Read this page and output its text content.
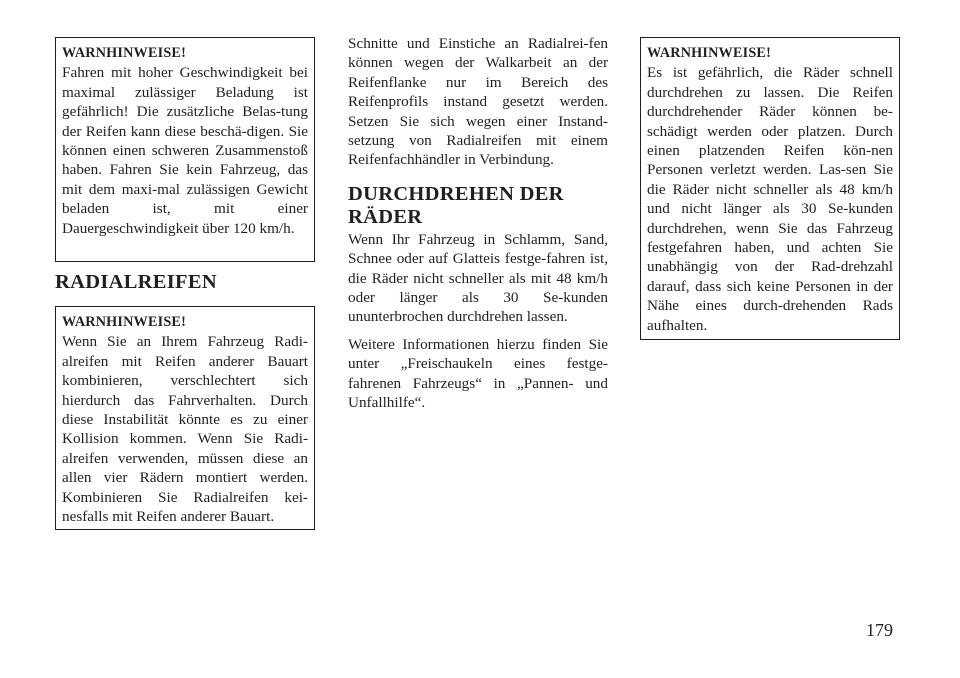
WARNHINWEISE!
Fahren mit hoher Geschwindigkeit bei maximal zulässiger Beladung ist gefährlich! Die zusätzliche Belas-tung der Reifen kann diese beschä-digen. Sie können einen schweren Zusammenstoß haben. Fahren Sie kein Fahrzeug, das mit dem maxi-mal zulässigen Gewicht beladen ist, mit einer Dauergeschwindigkeit über 120 km/h.
RADIALREIFEN
WARNHINWEISE!
Wenn Sie an Ihrem Fahrzeug Radi-alreifen mit Reifen anderer Bauart kombinieren, verschlechtert sich hierdurch das Fahrverhalten. Durch diese Instabilität könnte es zu einer Kollision kommen. Wenn Sie Radi-alreifen verwenden, müssen diese an allen vier Rädern montiert werden. Kombinieren Sie Radialreifen kei-nesfalls mit Reifen anderer Bauart.

Schnitte und Einstiche an Radialrei-fen können wegen der Walkarbeit an der Reifenflanke nur im Bereich des Reifenprofils instand gesetzt werden. Setzen Sie sich wegen einer Instand-setzung von Radialreifen mit einem Reifenfachhändler in Verbindung.

DURCHDREHEN DER
RÄDER

Wenn Ihr Fahrzeug in Schlamm, Sand, Schnee oder auf Glatteis festge-fahren ist, die Räder nicht schneller als mit 48 km/h oder länger als 30 Se-kunden ununterbrochen durchdrehen lassen.

Weitere Informationen hierzu finden Sie unter „Freischaukeln eines festge-fahrenen Fahrzeugs“ in „Pannen- und Unfallhilfe“.

WARNHINWEISE!
Es ist gefährlich, die Räder schnell durchdrehen zu lassen. Die Reifen durchdrehender Räder können be-schädigt werden oder platzen. Durch einen platzenden Reifen kön-nen Personen verletzt werden. Las-sen Sie die Räder nicht schneller als 48 km/h und nicht länger als 30 Se-kunden durchdrehen, wenn Sie das Fahrzeug festgefahren haben, und achten Sie unabhängig von der Rad-drehzahl darauf, dass sich keine Personen in der Nähe eines durch-drehenden Rads aufhalten.
179
